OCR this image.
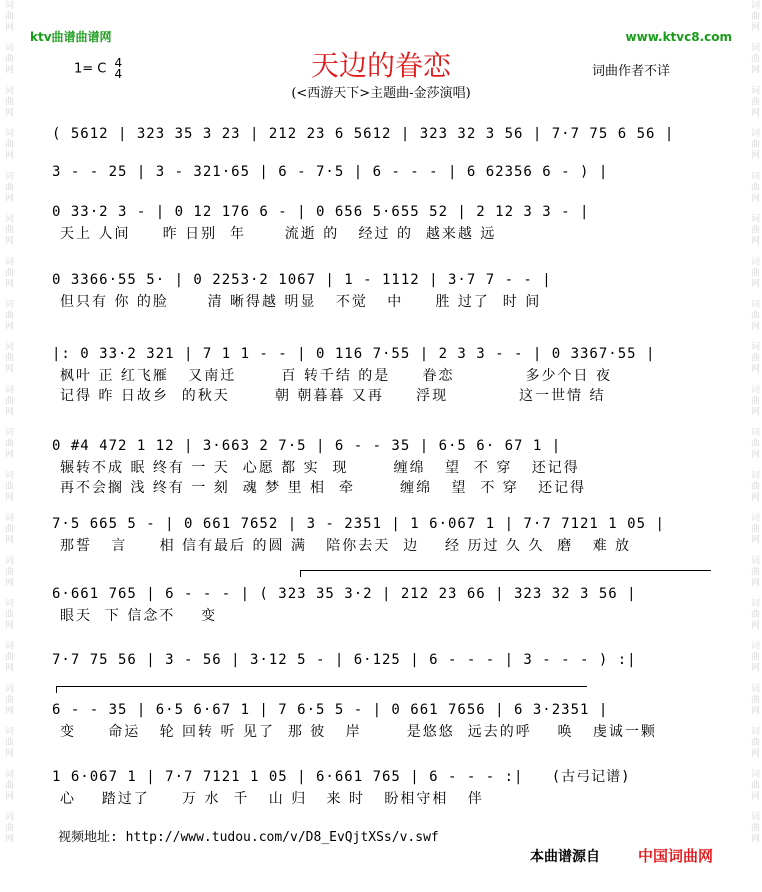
词曲网  词曲网  词曲网  词曲网  词曲网  词曲网  词曲网  词曲网  词曲网  词曲网  词曲网  词曲网  词曲网  词曲网  词曲网  词曲网  词曲网  词曲网  词曲网  词曲网	词曲网  词曲网  词曲网  词曲网  词曲网  词曲网  词曲网  词曲网  词曲网  词曲网  词曲网  词曲网  词曲网  词曲网  词曲网  词曲网  词曲网  词曲网  词曲网  词曲网
ktv曲谱曲谱网	www.ktvc8.com
天边的眷恋
1= C 4
4
(<西游天下>主题曲-金莎演唱)
词曲作者不详
( 5612 | 323 35 3 23 | 212 23 6 5612 | 323 32 3 56 | 7·7 75 6 56 |
3 - - 25 | 3 - 321·65 | 6 - 7·5 | 6 - - - | 6 62356 6 - ) |
0 33·2 3 - | 0 12 176 6 - | 0 656 5·655 52 | 2 12 3 3 - |
天上 人间     昨 日别  年      流逝 的   经过 的  越来越 远
0 3366·55 5· | 0 2253·2 1067 | 1 - 1112 | 3·7 7 - - |
但只有 你 的脸      清 晰得越 明显   不觉   中     胜 过了  时 间
|: 0 33·2 321 | 7 1 1 - - | 0 116 7·55 | 2 3 3 - - | 0 3367·55 |
枫叶 正 红飞雁   又南迁       百 转千结 的是     眷恋           多少个日 夜
记得 昨 日故乡  的秋天       朝 朝暮暮 又再     浮现           这一世情 结
0 #4 472 1 12 | 3·663 2 7·5 | 6 - - 35 | 6·5 6· 67 1 |
辗转不成 眠 终有 一 天  心愿 都 实  现       缠绵   望  不 穿   还记得
再不会搁 浅 终有 一 刻  魂 梦 里 相  牵       缠绵   望  不 穿   还记得
7·5 665 5 - | 0 661 7652 | 3 - 2351 | 1 6·067 1 | 7·7 7121 1 05 |
那誓   言     相 信有最后 的圆 满   陪你去天  边    经 历过 久 久  磨   难 放
6·661 765 | 6 - - - | ( 323 35 3·2 | 212 23 66 | 323 32 3 56 |
眼天  下 信念不    变
7·7 75 56 | 3 - 56 | 3·12 5 - | 6·125 | 6 - - - | 3 - - - ) :|
6 - - 35 | 6·5 6·67 1 | 7 6·5 5 - | 0 661 7656 | 6 3·2351 |
变     命运   轮 回转 听 见了  那 彼   岸       是悠悠  远去的呼    唤   虔诚一颗
1 6·067 1 | 7·7 7121 1 05 | 6·661 765 | 6 - - - :|   (古弓记谱)
心    踏过了     万 水  千   山 归   来 时   盼相守相   伴
视频地址: http://www.tudou.com/v/D8_EvQjtXSs/v.swf
本曲谱源自	中国词曲网
